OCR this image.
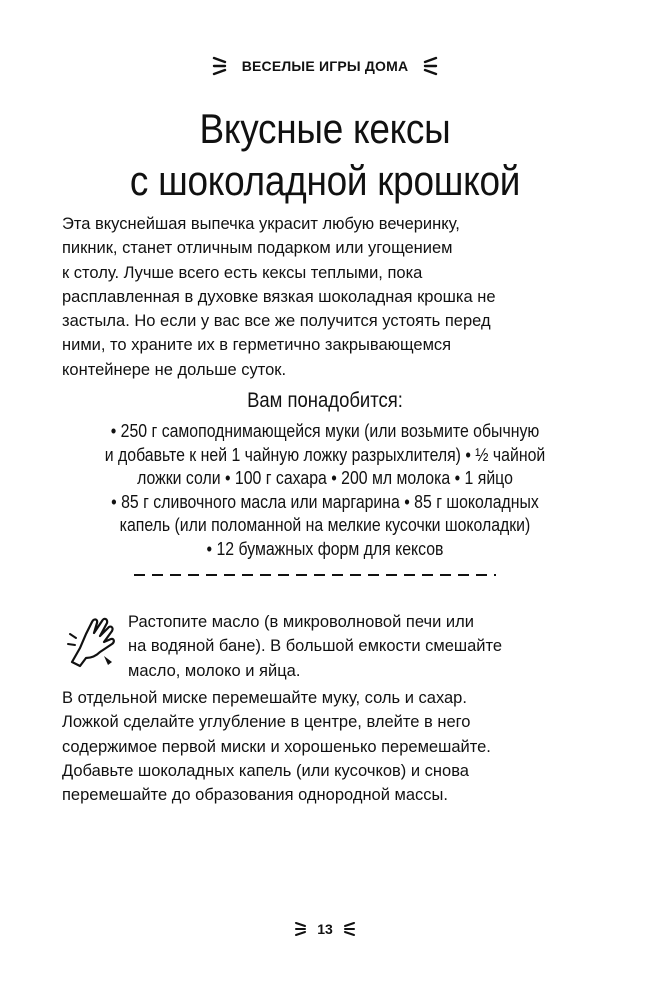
ВЕСЕЛЫЕ ИГРЫ ДОМА
Вкусные кексы
с шоколадной крошкой

Эта вкуснейшая выпечка украсит любую вечеринку,
пикник, станет отличным подарком или угощением
к столу. Лучше всего есть кексы теплыми, пока
расплавленная в духовке вязкая шоколадная крошка не
застыла. Но если у вас все же получится устоять перед
ними, то храните их в герметично закрывающемся
контейнере не дольше суток.

Вам понадобится:
• 250 г самоподнимающейся муки (или возьмите обычную
и добавьте к ней 1 чайную ложку разрыхлителя) • ½ чайной
ложки соли • 100 г сахара • 200 мл молока • 1 яйцо
• 85 г сливочного масла или маргарина • 85 г шоколадных
капель (или поломанной на мелкие кусочки шоколадки)
• 12 бумажных форм для кексов
Растопите масло (в микроволновой печи или
на водяной бане). В большой емкости смешайте
масло, молоко и яйца.
В отдельной миске перемешайте муку, соль и сахар.
Ложкой сделайте углубление в центре, влейте в него
содержимое первой миски и хорошенько перемешайте.
Добавьте шоколадных капель (или кусочков) и снова
перемешайте до образования однородной массы.
13
